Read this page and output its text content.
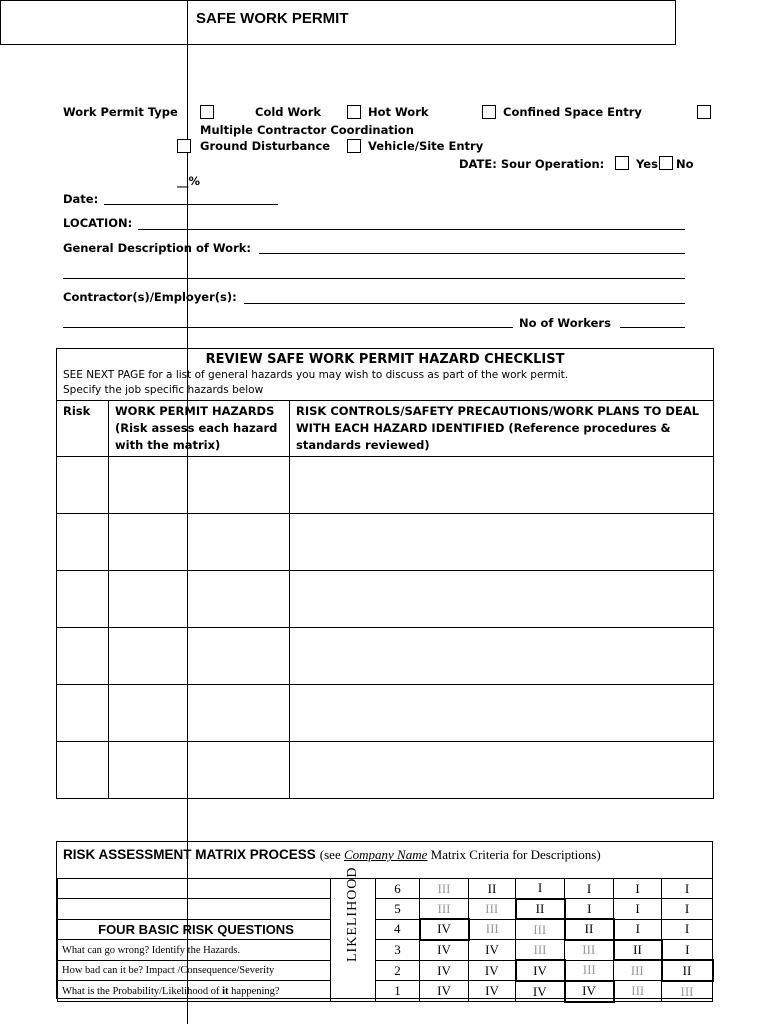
SAFE WORK PERMIT
Work Permit Type	Cold Work	Hot Work	Confined Space Entry
Multiple Contractor Coordination
Ground Disturbance	Vehicle/Site Entry
DATE: Sour Operation:	Yes No
__%
Date:
LOCATION:
General Description of Work:
Contractor(s)/Employer(s):
No of Workers
REVIEW SAFE WORK PERMIT HAZARD CHECKLIST
SEE NEXT PAGE for a list of general hazards you may wish to discuss as part of the work permit.
Specify the job specific hazards below		

Risk	WORK PERMIT HAZARDS (Risk assess each hazard with the matrix)	RISK CONTROLS/SAFETY PRECAUTIONS/WORK PLANS TO DEAL WITH EACH HAZARD IDENTIFIED (Reference procedures & standards reviewed)

RISK ASSESSMENT MATRIX PROCESS (see Company Name Matrix Criteria for Descriptions)

	LIKELIHOOD	6	III	II	I	I	I	I
		5	III	III	II	I	I	I
FOUR BASIC RISK QUESTIONS		4	IV	III	III	II	I	I
What can go wrong? Identify the Hazards.		3	IV	IV	III	III	II	I
How bad can it be? Impact /Consequence/Severity		2	IV	IV	IV	III	III	II
What is the Probability/Likelihood of it happening?		1	IV	IV	IV	IV	III	III
